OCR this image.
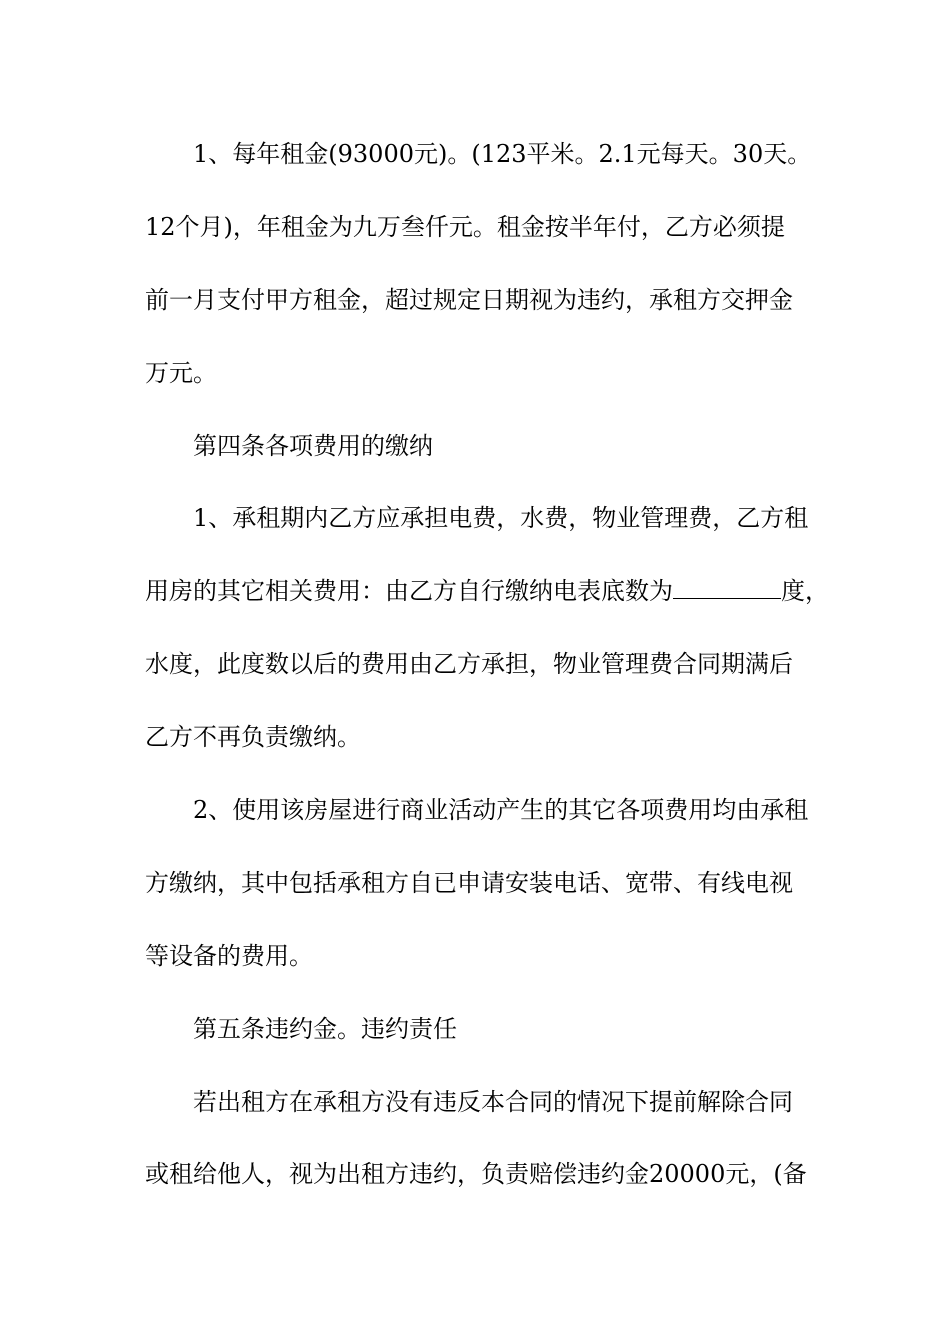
1、每年租金(93000元)。(123平米。2.1元每天。30天。
12个月)，年租金为九万叁仟元。租金按半年付，乙方必须提
前一月支付甲方租金，超过规定日期视为违约，承租方交押金
万元。
第四条各项费用的缴纳
1、承租期内乙方应承担电费，水费，物业管理费，乙方租
用房的其它相关费用：由乙方自行缴纳电表底数为	度，
水度，此度数以后的费用由乙方承担，物业管理费合同期满后
乙方不再负责缴纳。
2、使用该房屋进行商业活动产生的其它各项费用均由承租
方缴纳，其中包括承租方自已申请安装电话、宽带、有线电视
等设备的费用。
第五条违约金。违约责任
若出租方在承租方没有违反本合同的情况下提前解除合同
或租给他人，视为出租方违约，负责赔偿违约金20000元，(备
